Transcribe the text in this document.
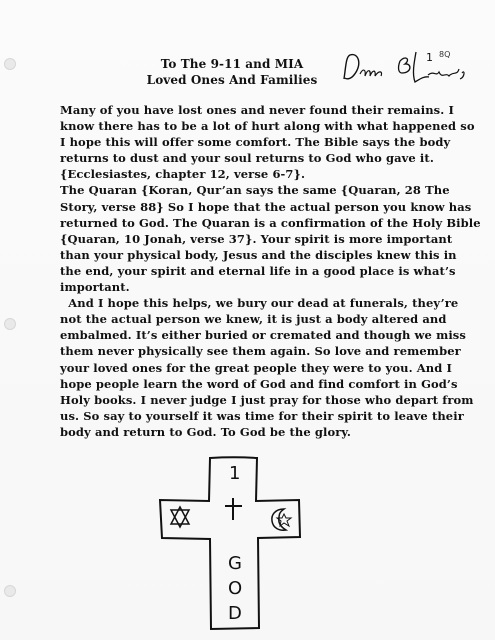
To The 9-11 and MIA
Loved Ones And Families
1 8Q

Many of you have lost ones and never found their remains. I know there has to be a lot of hurt along with what happened so I hope this will offer some comfort. The Bible says the body returns to dust and your soul returns to God who gave it. {Ecclesiastes, chapter 12, verse 6-7}.

The Quaran {Koran, Qur’an says the same {Quaran, 28 The Story, verse 88} So I hope that the actual person you know has returned to God. The Quaran is a confirmation of the Holy Bible {Quaran, 10 Jonah, verse 37}. Your spirit is more important than your physical body, Jesus and the disciples knew this in the end, your spirit and eternal life in a good place is what’s important.

And I hope this helps, we bury our dead at funerals, they’re not the actual person we knew, it is just a body altered and embalmed. It’s either buried or cremated and though we miss them never physically see them again. So love and remember your loved ones for the great people they were to you. And I hope people learn the word of God and find comfort in God’s Holy books. I never judge I just pray for those who depart from us. So say to yourself it was time for their spirit to leave their body and return to God. To God be the glory.

1
G
O
D
